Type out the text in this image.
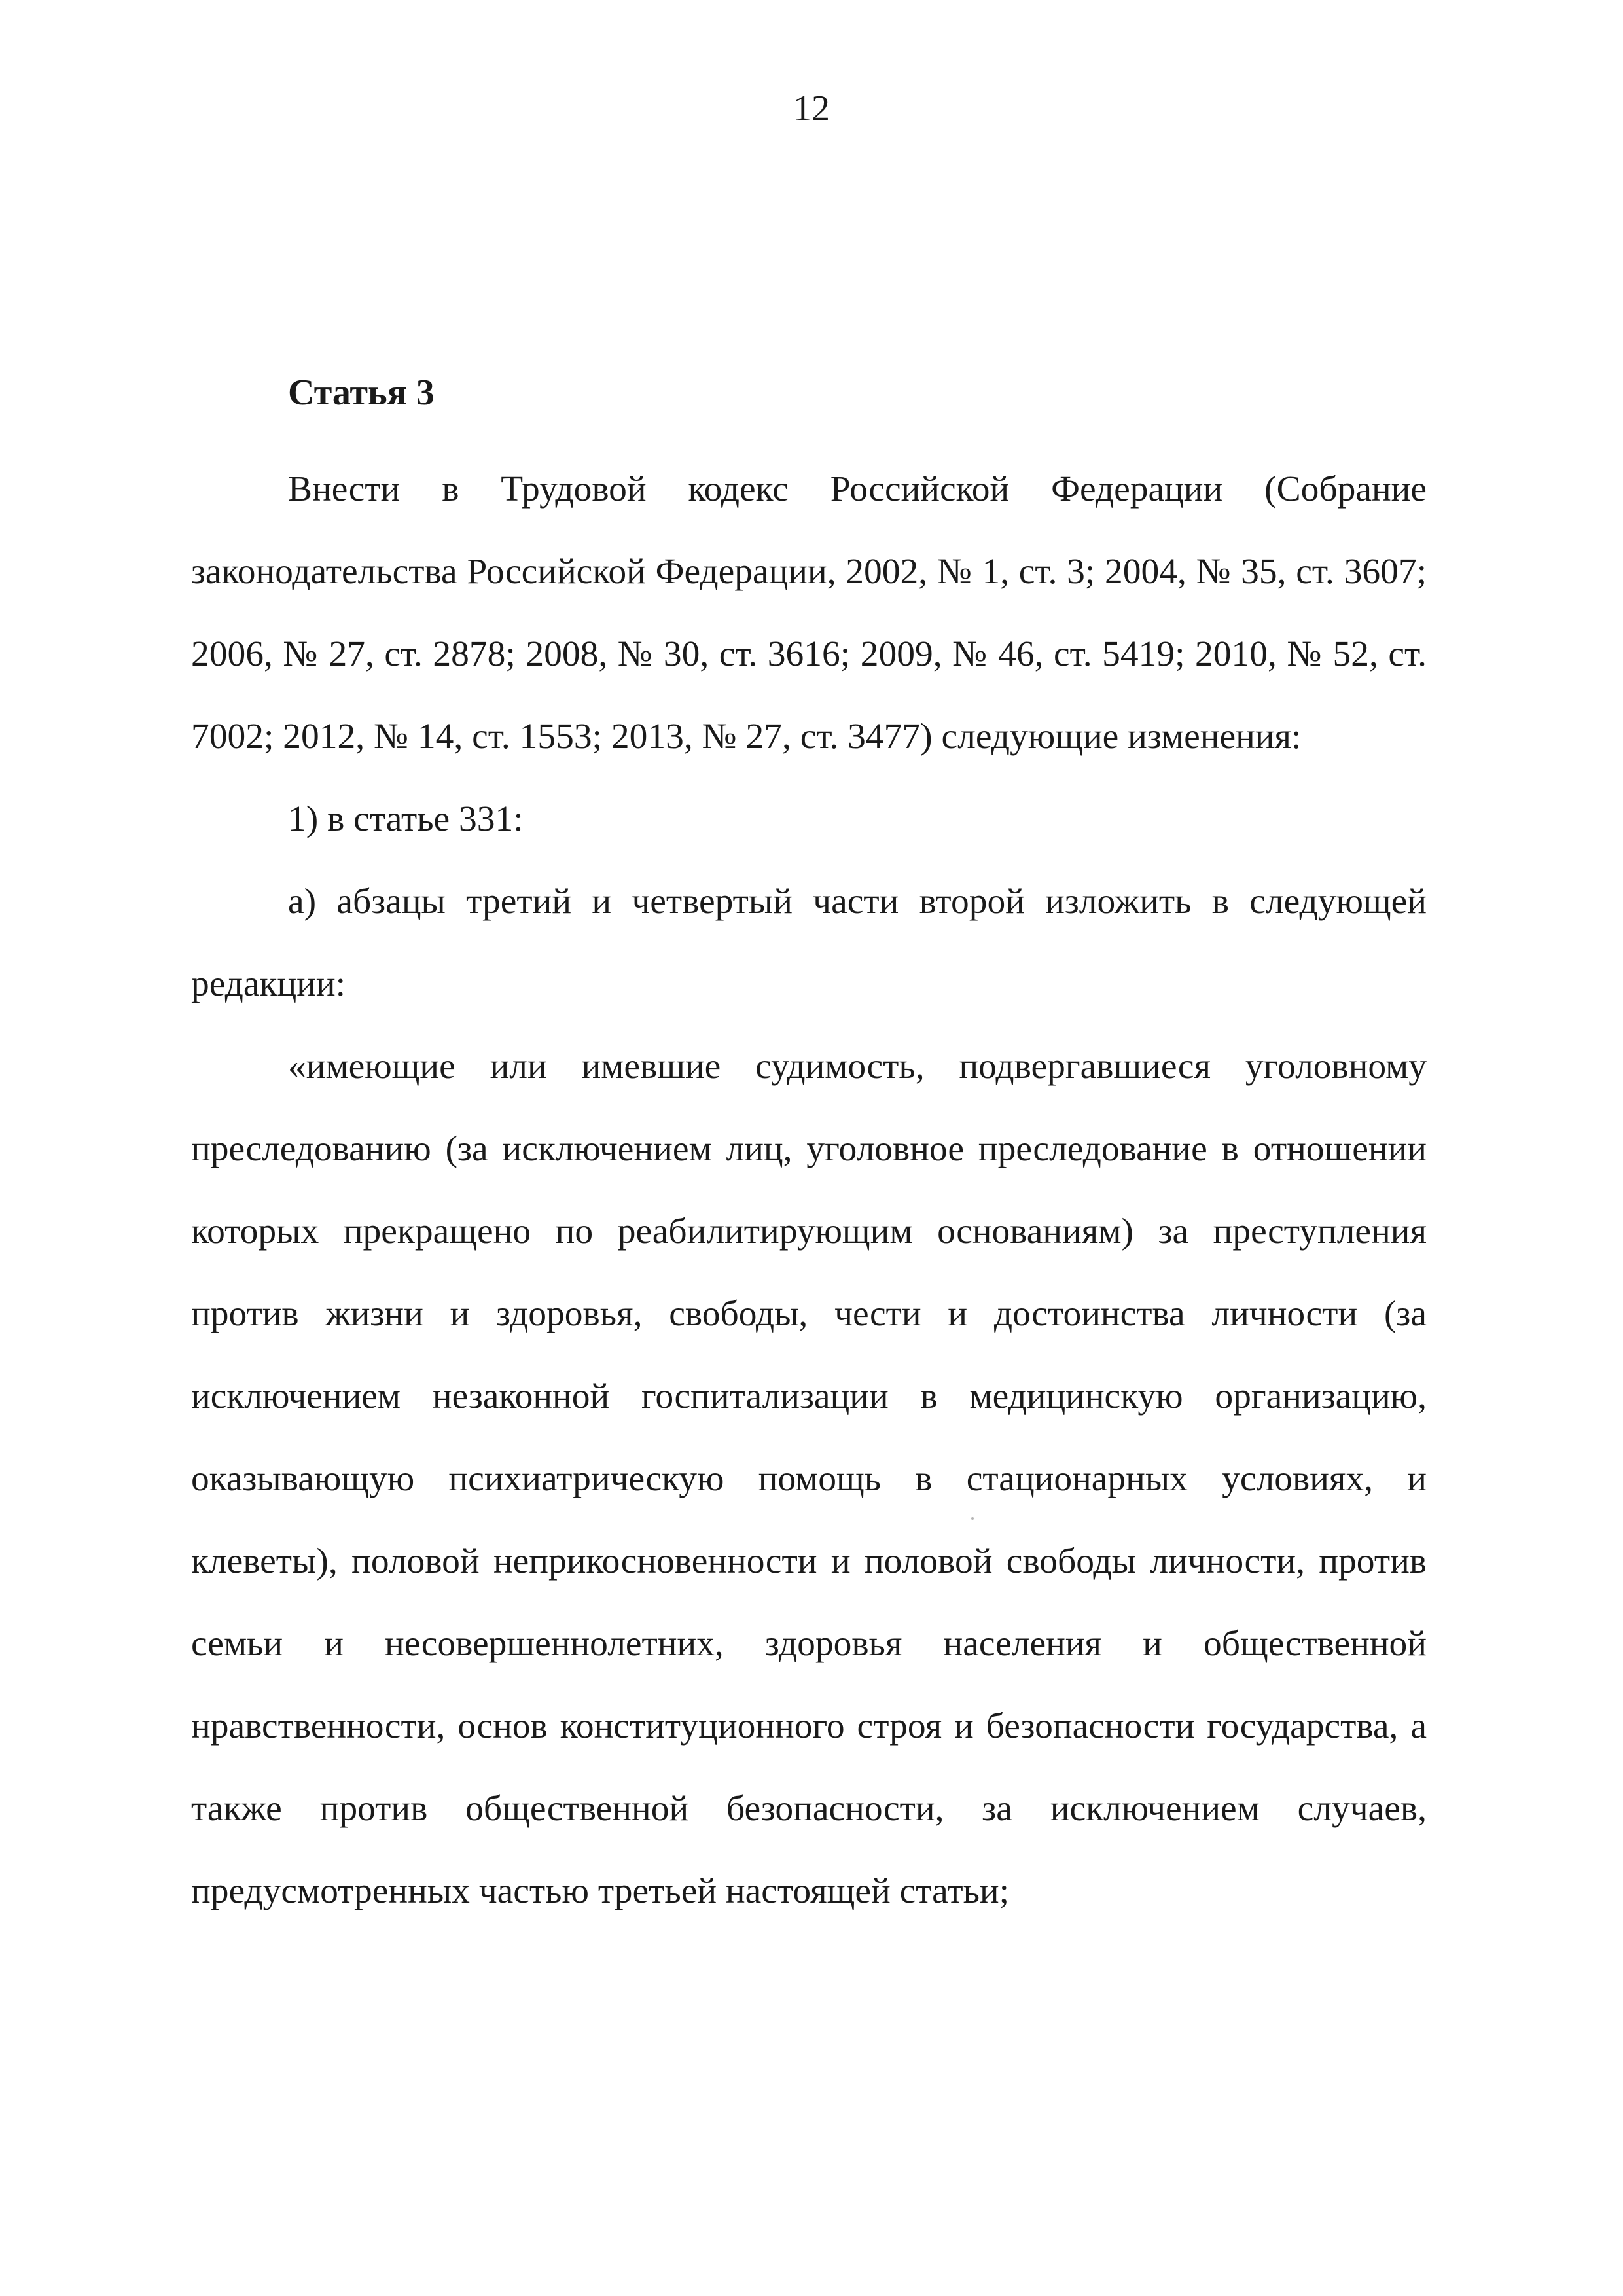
12
Статья 3

Внести в Трудовой кодекс Российской Федерации (Собрание законодательства Российской Федерации, 2002, № 1, ст. 3; 2004, № 35, ст. 3607; 2006, № 27, ст. 2878; 2008, № 30, ст. 3616; 2009, № 46, ст. 5419; 2010, № 52, ст. 7002; 2012, № 14, ст. 1553; 2013, № 27, ст. 3477) следующие изменения:

1) в статье 331:

а) абзацы третий и четвертый части второй изложить в следующей редакции:

«имеющие или имевшие судимость, подвергавшиеся уголовному преследованию (за исключением лиц, уголовное преследование в отношении которых прекращено по реабилитирующим основаниям) за преступления против жизни и здоровья, свободы, чести и достоинства личности (за исключением незаконной госпитализации в медицинскую организацию, оказывающую психиатрическую помощь в стационарных условиях, и клеветы), половой неприкосновенности и половой свободы личности, против семьи и несовершеннолетних, здоровья населения и общественной нравственности, основ конституционного строя и безопасности государства, а также против общественной безопасности, за исключением случаев, предусмотренных частью третьей настоящей статьи;
